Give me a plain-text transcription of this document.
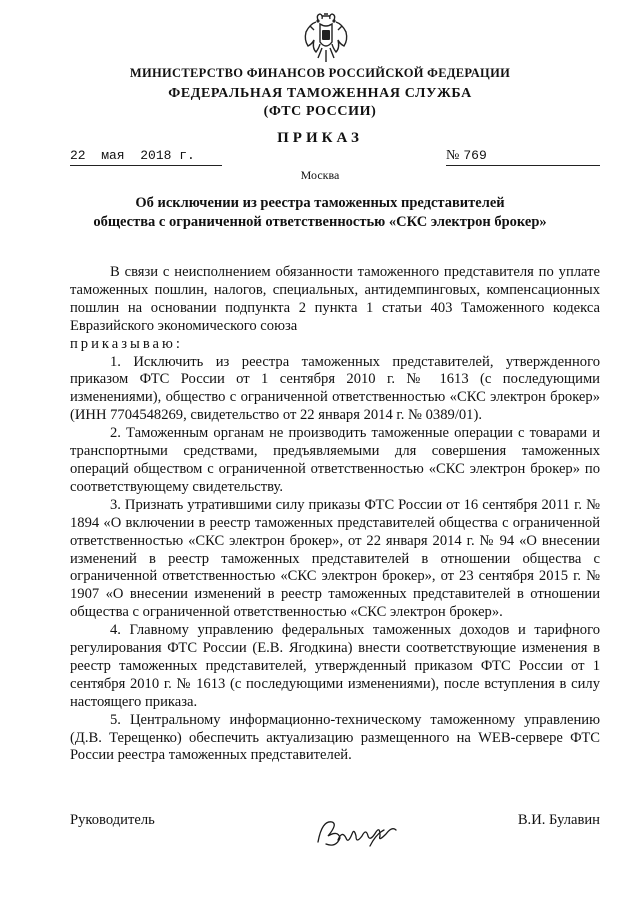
МИНИСТЕРСТВО ФИНАНСОВ РОССИЙСКОЙ ФЕДЕРАЦИИ
ФЕДЕРАЛЬНАЯ ТАМОЖЕННАЯ СЛУЖБА
(ФТС РОССИИ)
ПРИКАЗ
22  мая  2018 г.	№ 769
Москва
Об исключении из реестра таможенных представителей
общества с ограниченной ответственностью «СКС электрон брокер»

В связи с неисполнением обязанности таможенного представителя по уплате таможенных пошлин, налогов, специальных, антидемпинговых, компенсационных пошлин на основании подпункта 2 пункта 1 статьи 403 Таможенного кодекса Евразийского экономического союза

приказываю:

1. Исключить из реестра таможенных представителей, утвержденного приказом ФТС России от 1 сентября 2010 г. № 1613 (с последующими изменениями), общество с ограниченной ответственностью «СКС электрон брокер» (ИНН 7704548269, свидетельство от 22 января 2014 г. № 0389/01).

2. Таможенным органам не производить таможенные операции с товарами и транспортными средствами, предъявляемыми для совершения таможенных операций обществом с ограниченной ответственностью «СКС электрон брокер» по соответствующему свидетельству.

3. Признать утратившими силу приказы ФТС России от 16 сентября 2011 г. № 1894 «О включении в реестр таможенных представителей общества с ограниченной ответственностью «СКС электрон брокер», от 22 января 2014 г. № 94 «О внесении изменений в реестр таможенных представителей в отношении общества с ограниченной ответственностью «СКС электрон брокер», от 23 сентября 2015 г. № 1907 «О внесении изменений в реестр таможенных представителей в отношении общества с ограниченной ответственностью «СКС электрон брокер».

4. Главному управлению федеральных таможенных доходов и тарифного регулирования ФТС России (Е.В. Ягодкина) внести соответствующие изменения в реестр таможенных представителей, утвержденный приказом ФТС России от 1 сентября 2010 г. № 1613 (с последующими изменениями), после вступления в силу настоящего приказа.

5. Центральному информационно-техническому таможенному управлению (Д.В. Терещенко) обеспечить актуализацию размещенного на WEB-сервере ФТС России реестра таможенных представителей.

Руководитель	В.И. Булавин
